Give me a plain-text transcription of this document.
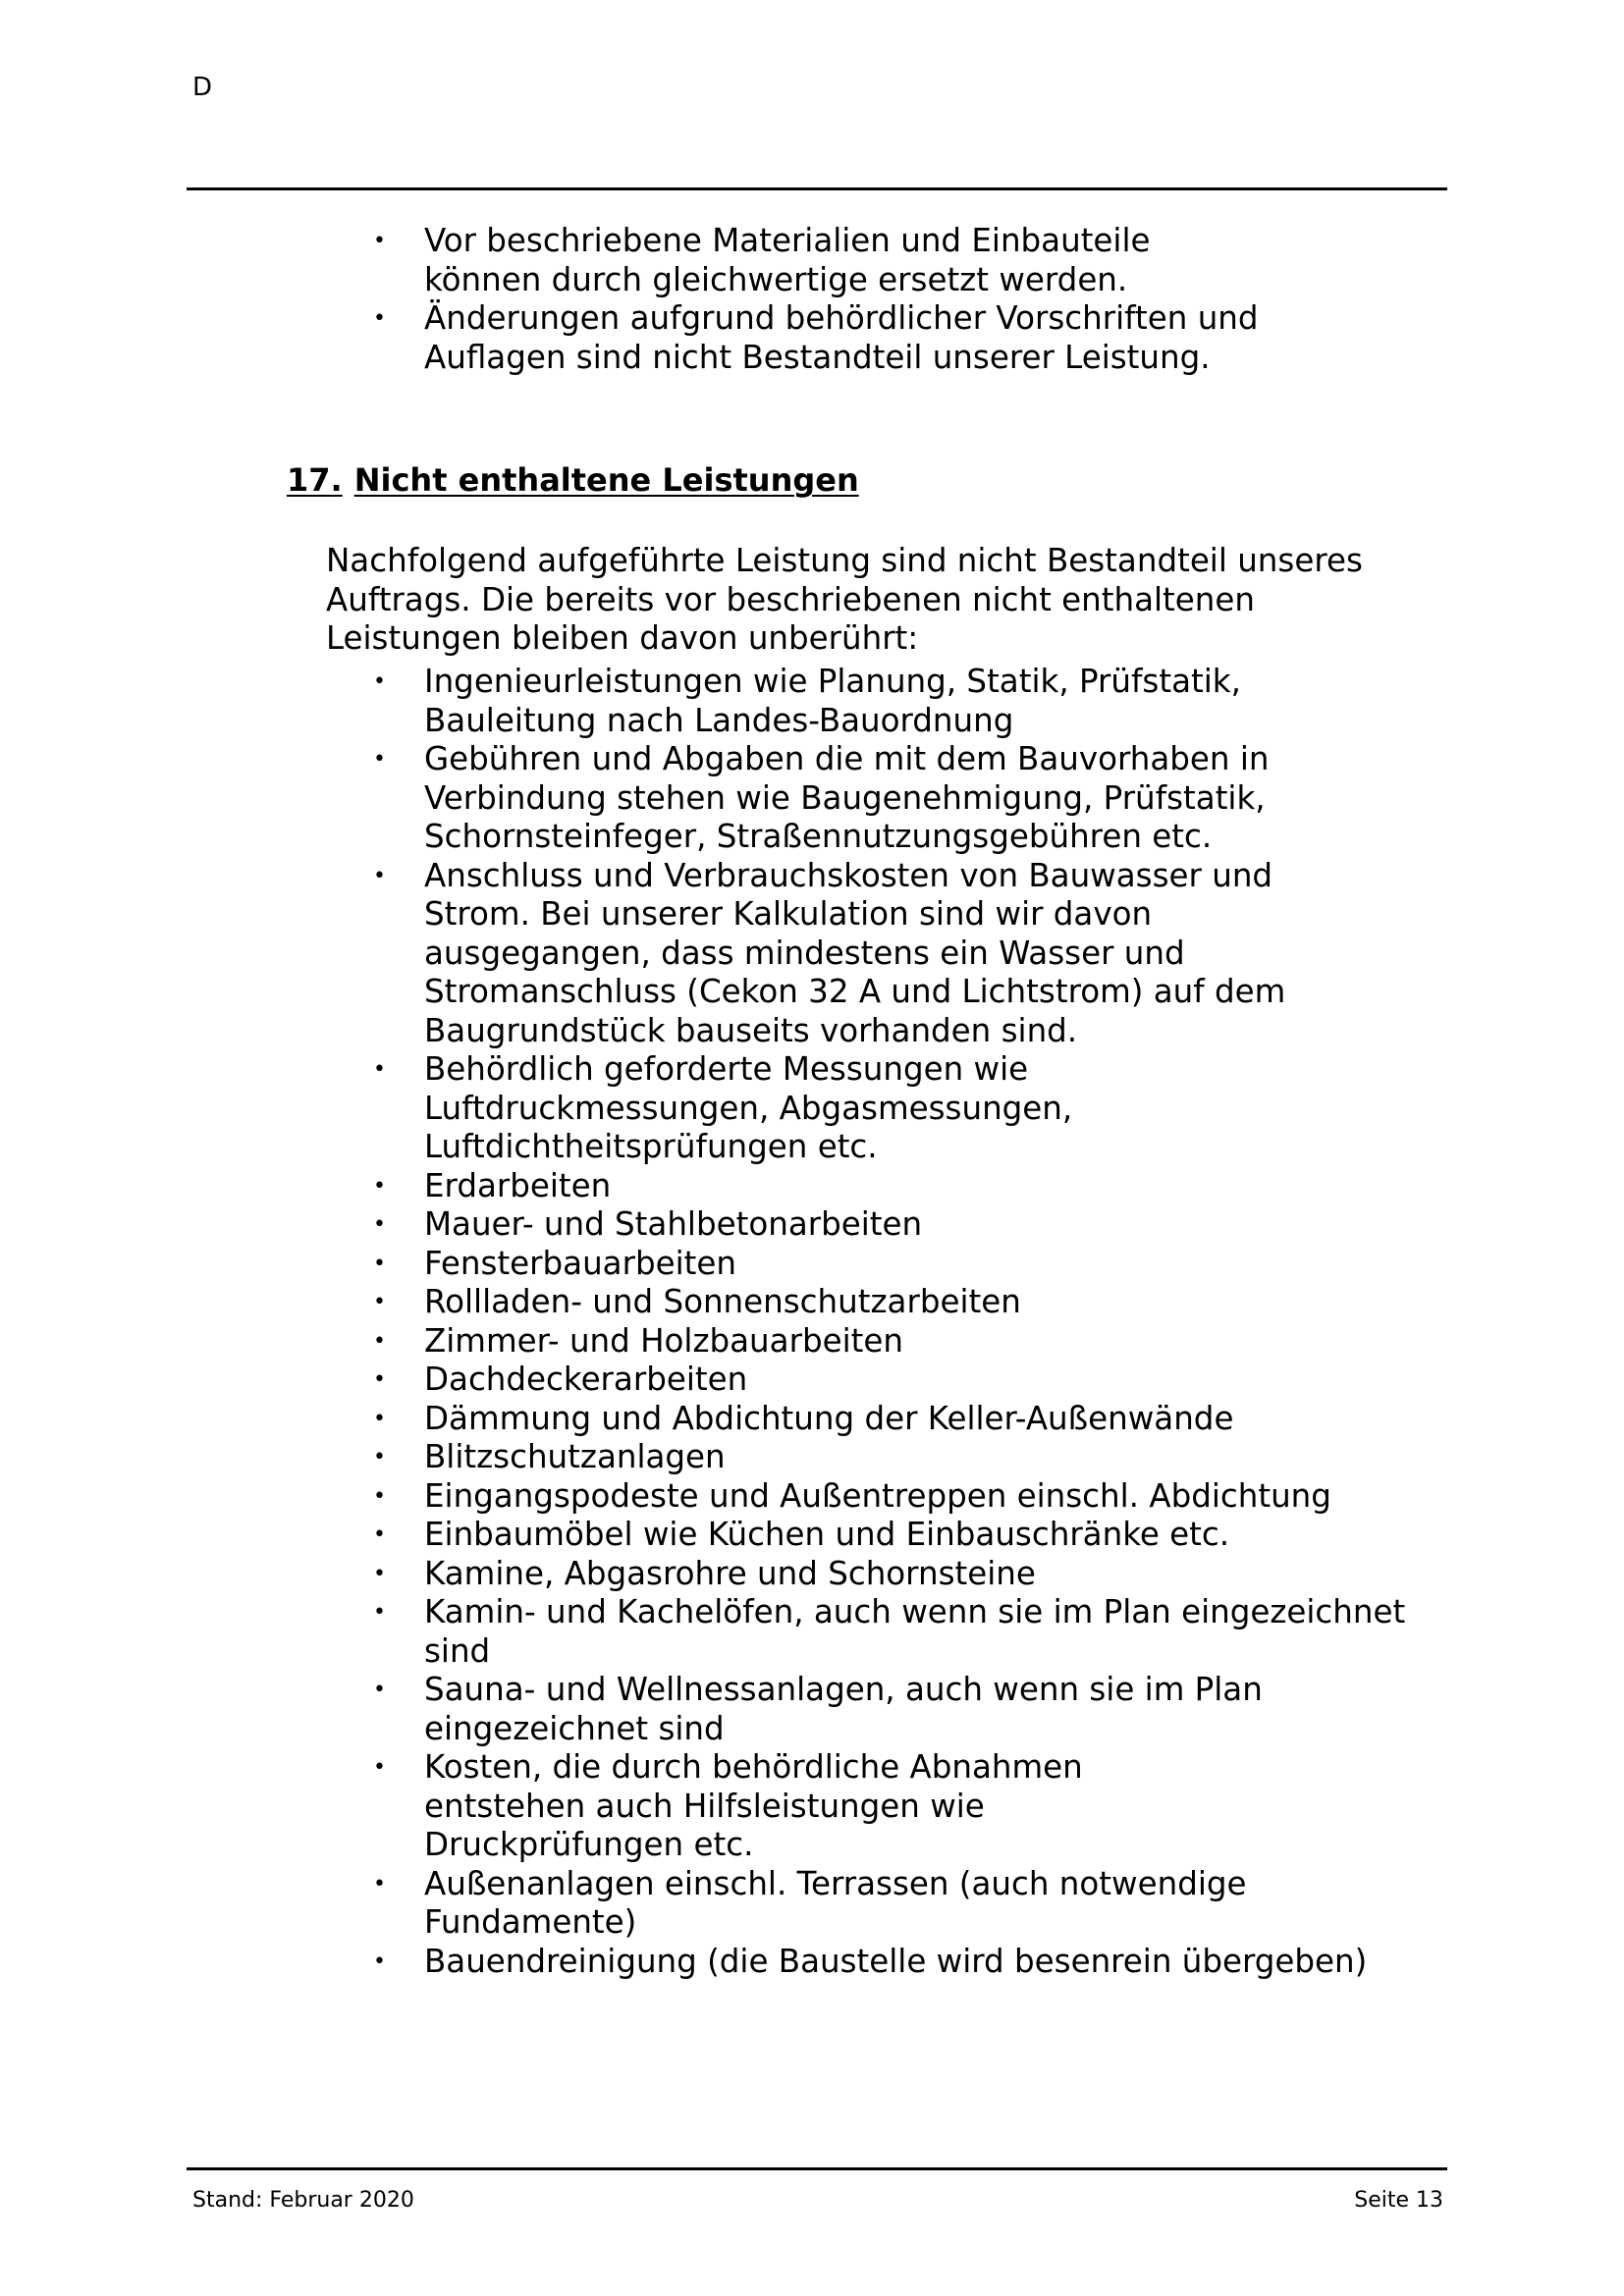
D
• Vor beschriebene Materialien und Einbauteile
können durch gleichwertige ersetzt werden.
• Änderungen aufgrund behördlicher Vorschriften und
Auflagen sind nicht Bestandteil unserer Leistung.
17. Nicht enthaltene Leistungen

Nachfolgend aufgeführte Leistung sind nicht Bestandteil unseres
Auftrags. Die bereits vor beschriebenen nicht enthaltenen
Leistungen bleiben davon unberührt:

• Ingenieurleistungen wie Planung, Statik, Prüfstatik,
Bauleitung nach Landes-Bauordnung
• Gebühren und Abgaben die mit dem Bauvorhaben in
Verbindung stehen wie Baugenehmigung, Prüfstatik,
Schornsteinfeger, Straßennutzungsgebühren etc.
• Anschluss und Verbrauchskosten von Bauwasser und
Strom. Bei unserer Kalkulation sind wir davon
ausgegangen, dass mindestens ein Wasser und
Stromanschluss (Cekon 32 A und Lichtstrom) auf dem
Baugrundstück bauseits vorhanden sind.
• Behördlich geforderte Messungen wie
Luftdruckmessungen, Abgasmessungen,
Luftdichtheitsprüfungen etc.
• Erdarbeiten
• Mauer- und Stahlbetonarbeiten
• Fensterbauarbeiten
• Rollladen- und Sonnenschutzarbeiten
• Zimmer- und Holzbauarbeiten
• Dachdeckerarbeiten
• Dämmung und Abdichtung der Keller-Außenwände
• Blitzschutzanlagen
• Eingangspodeste und Außentreppen einschl. Abdichtung
• Einbaumöbel wie Küchen und Einbauschränke etc.
• Kamine, Abgasrohre und Schornsteine
• Kamin- und Kachelöfen, auch wenn sie im Plan eingezeichnet
sind
• Sauna- und Wellnessanlagen, auch wenn sie im Plan
eingezeichnet sind
• Kosten, die durch behördliche Abnahmen
entstehen auch Hilfsleistungen wie
Druckprüfungen etc.
• Außenanlagen einschl. Terrassen (auch notwendige
Fundamente)
• Bauendreinigung (die Baustelle wird besenrein übergeben)
Stand: Februar 2020	Seite 13
